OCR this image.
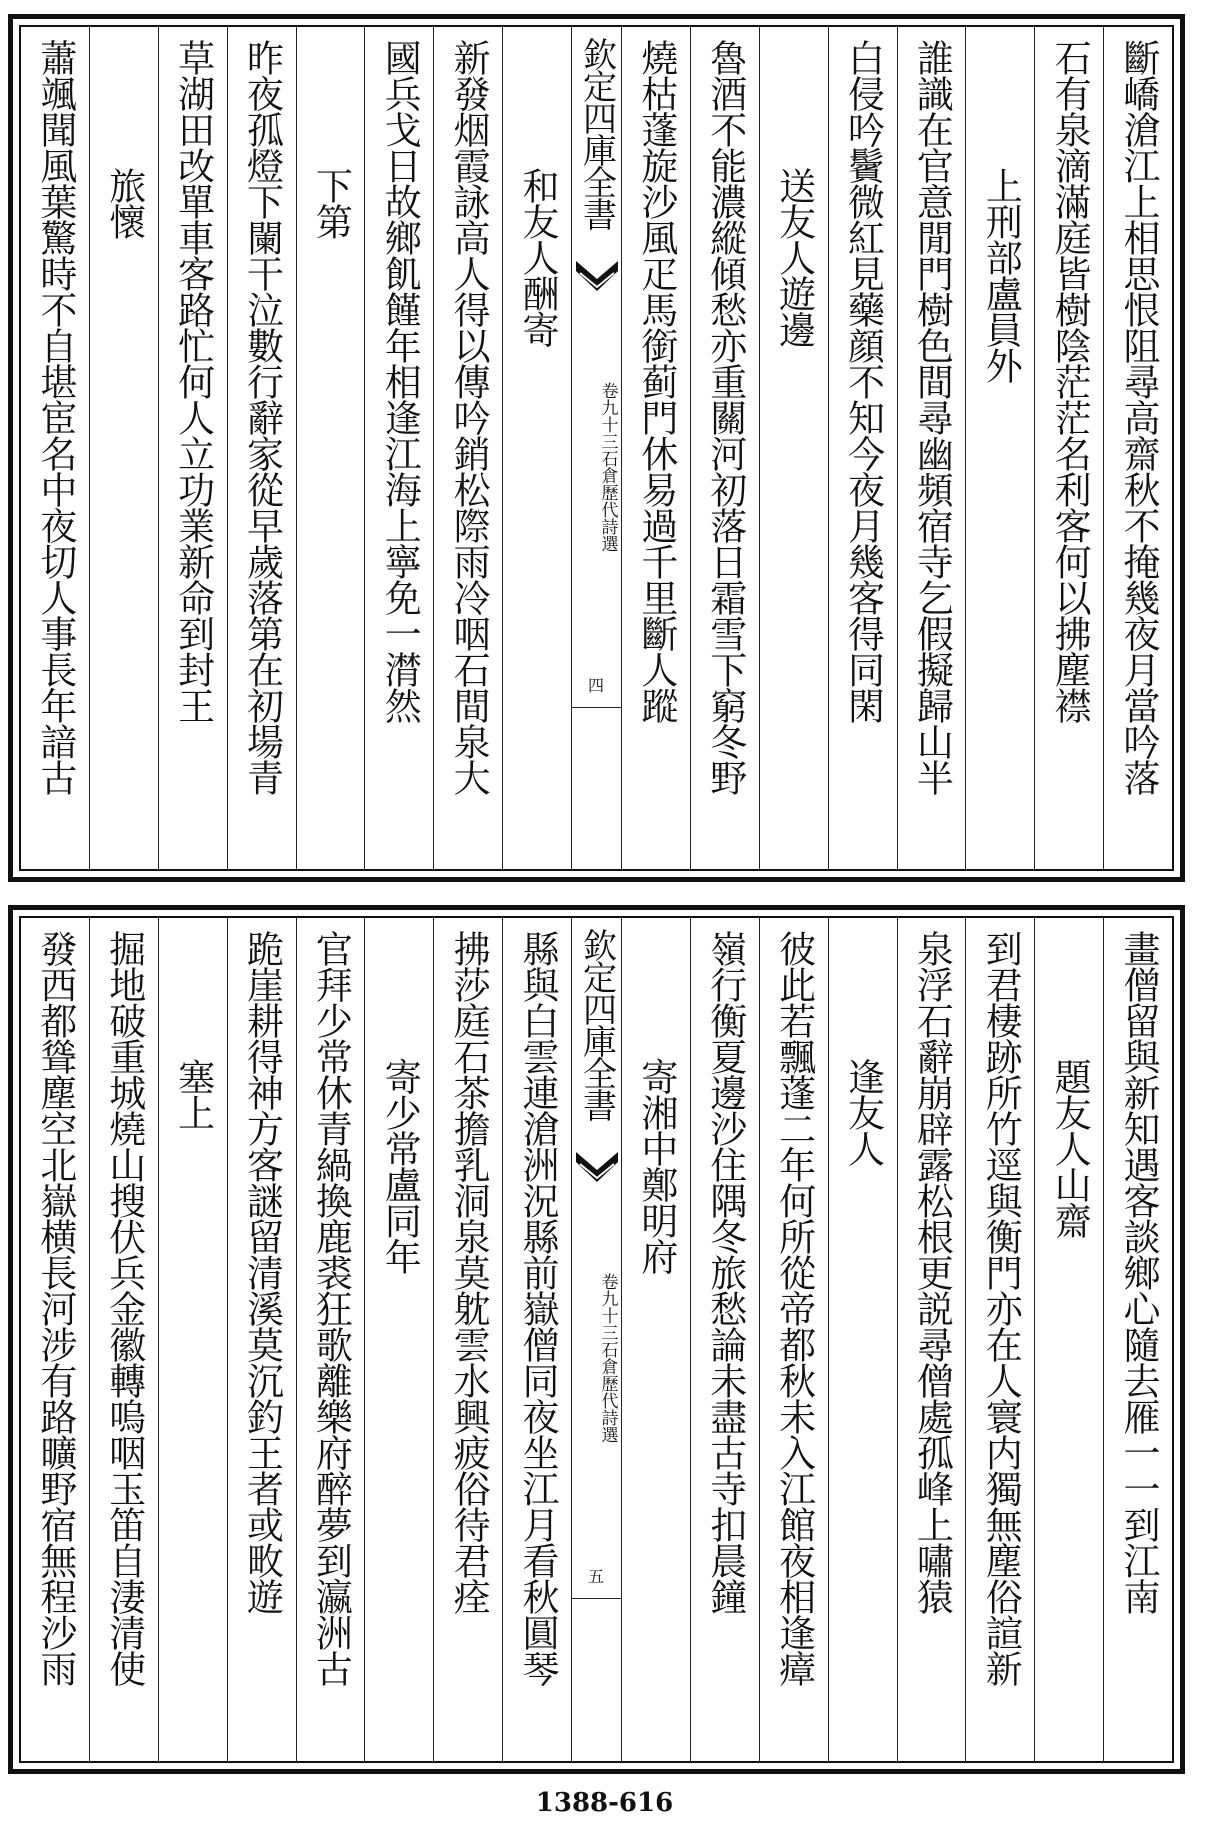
斷嶠滄江上相思恨阻尋高齋秋不掩幾夜月當吟落
石有泉滴滿庭皆樹陰茫茫名利客何以拂塵襟
上刑部盧員外
誰識在官意閒門樹色間尋幽頻宿寺乞假擬歸山半
白侵吟鬢微紅見藥顔不知今夜月幾客得同閑
送友人遊邊
魯酒不能濃縱傾愁亦重關河初落日霜雪下窮冬野
燒枯蓬旋沙風疋馬銜蓟門休易過千里斷人蹤
欽定四庫全書
石倉歷代詩選
卷九十三
四
和友人酬寄
新發烟霞詠高人得以傳吟銷松際雨冷咽石間泉大
國兵戈日故鄉飢饉年相逢江海上寧免一潸然
下第
昨夜孤燈下闌干泣數行辭家從早歲落第在初場青
草湖田改單車客路忙何人立功業新命到封王
旅懷
蕭颯聞風葉驚時不自堪宦名中夜切人事長年諳古
畫僧留與新知遇客談鄉心隨去雁一一到江南
題友人山齋
到君棲跡所竹逕與衡門亦在人寰内獨無塵俗諠新
泉浮石辭崩辟露松根更説尋僧處孤峰上嘯猿
逢友人
彼此若飄蓬二年何所從帝都秋未入江館夜相逢瘴
嶺行衡夏邊沙住隅冬旅愁論未盡古寺扣晨鐘
寄湘中鄭明府
欽定四庫全書
石倉歷代詩選
卷九十三
五
縣與白雲連滄洲況縣前嶽僧同夜坐江月看秋圓琴
拂莎庭石茶擔乳洞泉莫躭雲水興疲俗待君痊
寄少常盧同年
官拜少常休青緺換鹿裘狂歌離樂府醉夢到瀛洲古
跪崖耕得神方客謎留清溪莫沉釣王者或畋遊
塞上
掘地破重城燒山搜伏兵金徽轉嗚咽玉笛自淒清使
發西都聳塵空北嶽横長河涉有路曠野宿無程沙雨
1388-616
